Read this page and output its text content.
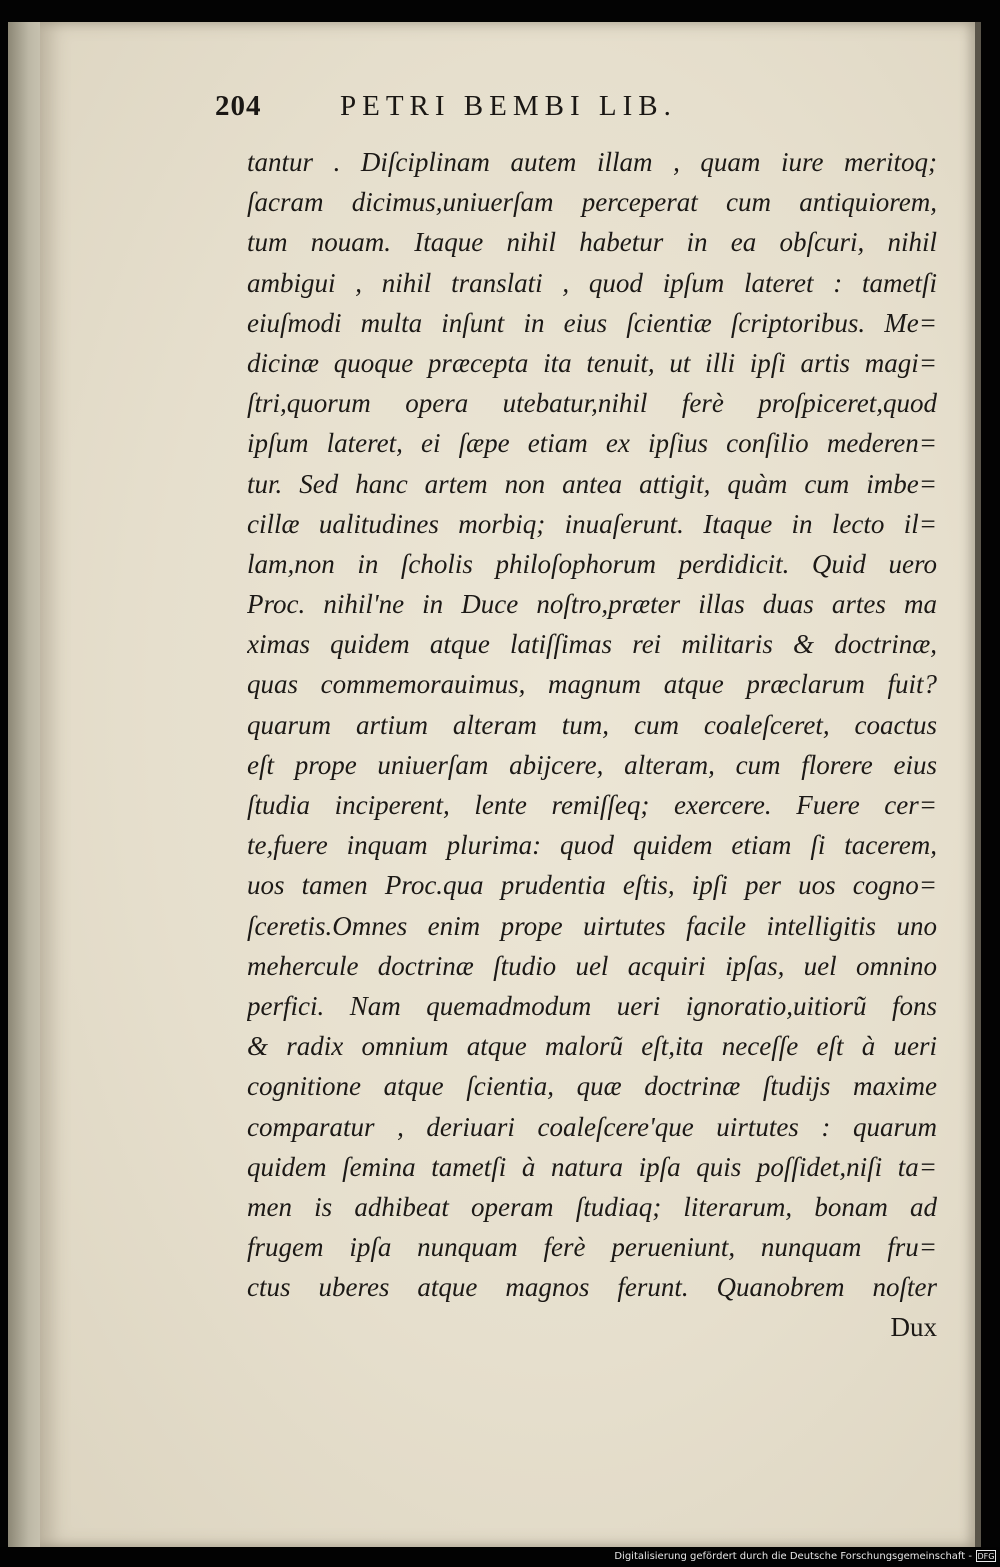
204	PETRI BEMBI LIB.
tantur . Diſciplinam autem illam , quam iure meritoq;
ſacram dicimus,uniuerſam perceperat cum antiquiorem,
tum nouam. Itaque nihil habetur in ea obſcuri, nihil
ambigui , nihil translati , quod ipſum lateret : tametſi
eiuſmodi multa inſunt in eius ſcientiæ ſcriptoribus. Me=
dicinæ quoque præcepta ita tenuit, ut illi ipſi artis magi=
ſtri,quorum opera utebatur,nihil ferè proſpiceret,quod
ipſum lateret, ei ſæpe etiam ex ipſius conſilio mederen=
tur. Sed hanc artem non antea attigit, quàm cum imbe=
cillæ ualitudines morbiq; inuaſerunt. Itaque in lecto il=
lam,non in ſcholis philoſophorum perdidicit. Quid uero
Proc. nihil'ne in Duce noſtro,præter illas duas artes ma
ximas quidem atque latiſſimas rei militaris & doctrinæ,
quas commemorauimus, magnum atque præclarum fuit?
quarum artium alteram tum, cum coaleſceret, coactus
eſt prope uniuerſam abijcere, alteram, cum florere eius
ſtudia inciperent, lente remiſſeq; exercere. Fuere cer=
te,fuere inquam plurima: quod quidem etiam ſi tacerem,
uos tamen Proc.qua prudentia eſtis, ipſi per uos cogno=
ſceretis.Omnes enim prope uirtutes facile intelligitis uno
mehercule doctrinæ ſtudio uel acquiri ipſas, uel omnino
perfici. Nam quemadmodum ueri ignoratio,uitiorũ fons
& radix omnium atque malorũ eſt,ita neceſſe eſt à ueri
cognitione atque ſcientia, quæ doctrinæ ſtudijs maxime
comparatur , deriuari coaleſcere'que uirtutes : quarum
quidem ſemina tametſi à natura ipſa quis poſſidet,niſi ta=
men is adhibeat operam ſtudiaq; literarum, bonam ad
frugem ipſa nunquam ferè perueniunt, nunquam fru=
ctus uberes atque magnos ferunt. Quanobrem noſter
Dux
Digitalisierung gefördert durch die Deutsche Forschungsgemeinschaft - DFG
